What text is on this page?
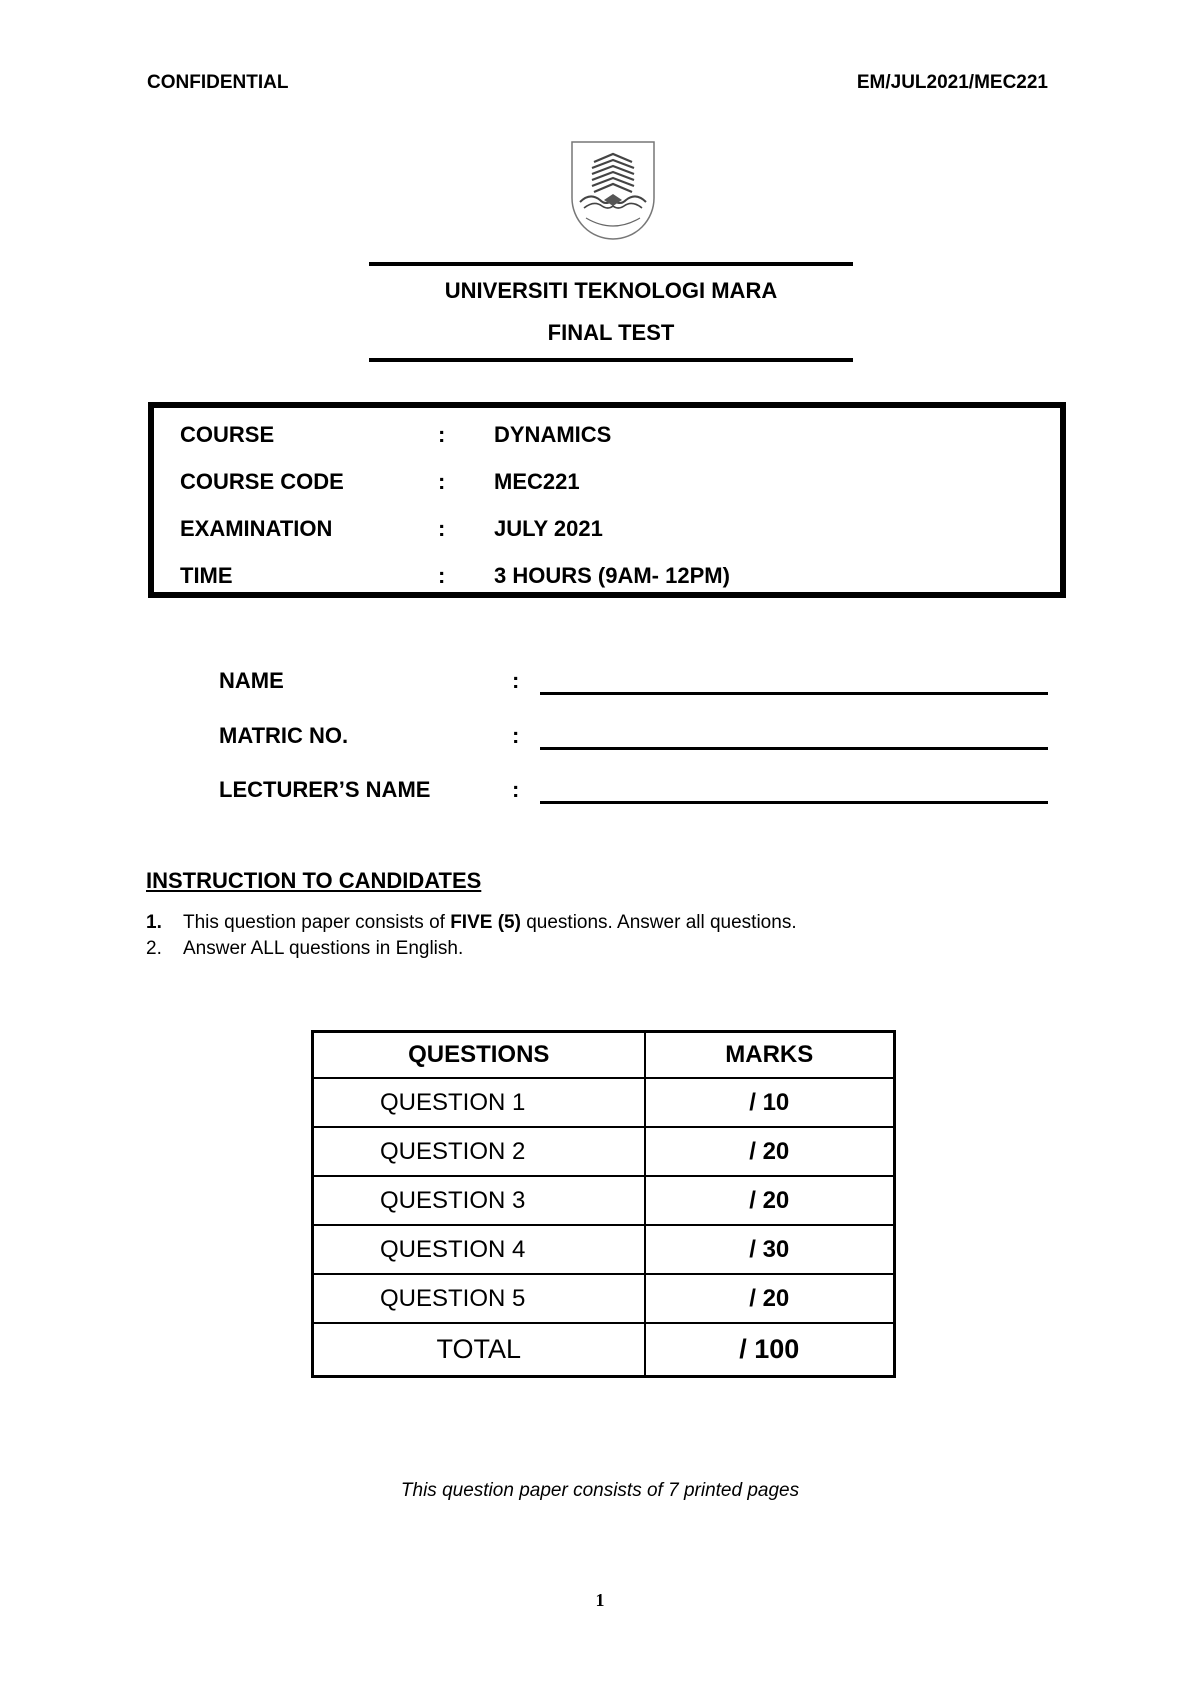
CONFIDENTIAL	EM/JUL2021/MEC221
UNIVERSITI TEKNOLOGI MARA
FINAL TEST
COURSE	: DYNAMICS
COURSE CODE	: MEC221
EXAMINATION	: JULY 2021
TIME	: 3 HOURS (9AM- 12PM)
NAME	:
MATRIC NO.	:
LECTURER’S NAME	:
INSTRUCTION TO CANDIDATES
1. This question paper consists of FIVE (5) questions. Answer all questions.
2. Answer ALL questions in English.
QUESTIONS	MARKS
QUESTION 1	/ 10
QUESTION 2	/ 20
QUESTION 3	/ 20
QUESTION 4	/ 30
QUESTION 5	/ 20
TOTAL	/ 100
This question paper consists of 7 printed pages
1
